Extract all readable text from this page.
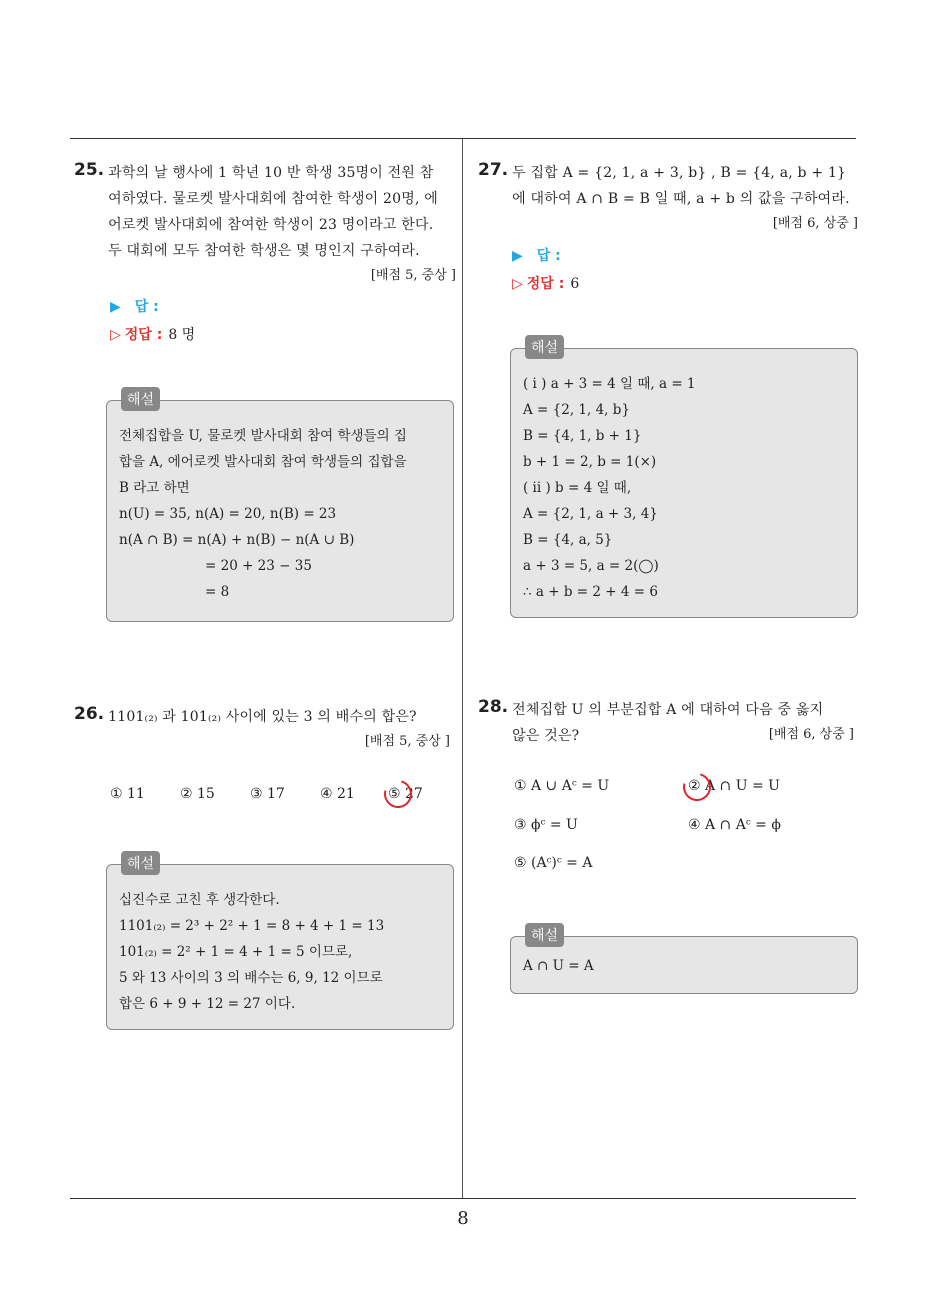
25. 과학의 날 행사에 1 학년 10 반 학생 35명이 전원 참
여하였다. 물로켓 발사대회에 참여한 학생이 20명, 에
어로켓 발사대회에 참여한 학생이 23 명이라고 한다.
두 대회에 모두 참여한 학생은 몇 명인지 구하여라.
[배점 5, 중상 ]
▶ 답 :
▷ 정답 : 8 명
해설
전체집합을 U, 물로켓 발사대회 참여 학생들의 집
합을 A, 에어로켓 발사대회 참여 학생들의 집합을
B 라고 하면
n(U) = 35, n(A) = 20, n(B) = 23
n(A ∩ B) = n(A) + n(B) − n(A ∪ B)
= 20 + 23 − 35
= 8
26. 1101₍₂₎ 과 101₍₂₎ 사이에 있는 3 의 배수의 합은?
[배점 5, 중상 ]
① 11	② 15	③ 17	④ 21 ⑤ 27
해설
십진수로 고친 후 생각한다.
1101₍₂₎ = 2³ + 2² + 1 = 8 + 4 + 1 = 13
101₍₂₎ = 2² + 1 = 4 + 1 = 5 이므로,
5 와 13 사이의 3 의 배수는 6, 9, 12 이므로
합은 6 + 9 + 12 = 27 이다.
27. 두 집합 A = {2, 1, a + 3, b} , B = {4, a, b + 1}
에 대하여 A ∩ B = B 일 때, a + b 의 값을 구하여라.
[배점 6, 상중 ]
▶ 답 :
▷ 정답 : 6
해설
( i ) a + 3 = 4 일 때, a = 1
A = {2, 1, 4, b}
B = {4, 1, b + 1}
b + 1 = 2, b = 1(×)
( ii ) b = 4 일 때,
A = {2, 1, a + 3, 4}
B = {4, a, 5}
a + 3 = 5, a = 2(◯)
∴ a + b = 2 + 4 = 6
28. 전체집합 U 의 부분집합 A 에 대하여 다음 중 옳지
않은 것은?	[배점 6, 상중 ]
① A ∪ Aᶜ = U	② A ∩ U = U
③ ϕᶜ = U	④ A ∩ Aᶜ = ϕ
⑤ (Aᶜ)ᶜ = A
해설
A ∩ U = A
8
